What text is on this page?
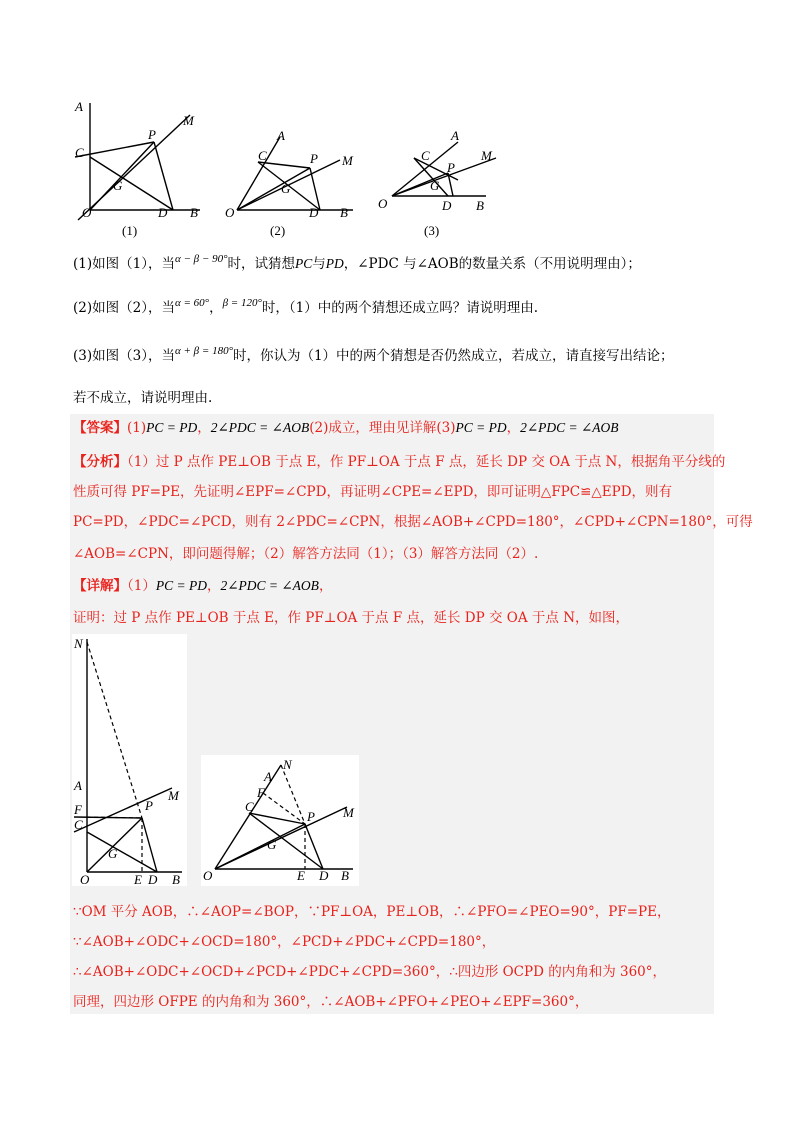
A
C
P
M
G
O	D B
(1)
A
C	P M
G
O	D B
(2)
A
C
P
M
G
O	D B
(3)
(1)如图（1），当$^{\alpha - \beta - 90^\circ}$时，试猜想PC与PD，∠PDC 与∠AOB的数量关系（不用说明理由）；
(2)如图（2），当$^{\alpha = 60^\circ}$，$^{\beta = 120^\circ}$时，（1）中的两个猜想还成立吗？请说明理由.
(3)如图（3），当$^{\alpha + \beta = 180^\circ}$时，你认为（1）中的两个猜想是否仍然成立，若成立，请直接写出结论；
若不成立，请说明理由.
【答案】(1)PC = PD，2∠PDC = ∠AOB(2)成立，理由见详解(3)PC = PD，2∠PDC = ∠AOB
【分析】（1）过 P 点作 PE⊥OB 于点 E，作 PF⊥OA 于点 F 点，延长 DP 交 OA 于点 N，根据角平分线的
性质可得 PF=PE，先证明∠EPF=∠CPD，再证明∠CPE=∠EPD，即可证明△FPC≌△EPD，则有
PC=PD，∠PDC=∠PCD，则有 2∠PDC=∠CPN，根据∠AOB+∠CPD=180°，∠CPD+∠CPN=180°，可得
∠AOB=∠CPN，即问题得解；（2）解答方法同（1）；（3）解答方法同（2）.
【详解】（1）PC = PD，2∠PDC = ∠AOB，
证明：过 P 点作 PE⊥OB 于点 E，作 PF⊥OA 于点 F 点，延长 DP 交 OA 于点 N，如图，
N
A
F
C
P
M
G
O	E D B
A
N
F
C
P M
G
O	E D B
∵OM 平分 AOB，∴∠AOP=∠BOP，∵PF⊥OA，PE⊥OB，∴∠PFO=∠PEO=90°，PF=PE，
∵∠AOB+∠ODC+∠OCD=180°，∠PCD+∠PDC+∠CPD=180°，
∴∠AOB+∠ODC+∠OCD+∠PCD+∠PDC+∠CPD=360°，∴四边形 OCPD 的内角和为 360°，
同理，四边形 OFPE 的内角和为 360°，∴∠AOB+∠PFO+∠PEO+∠EPF=360°，
